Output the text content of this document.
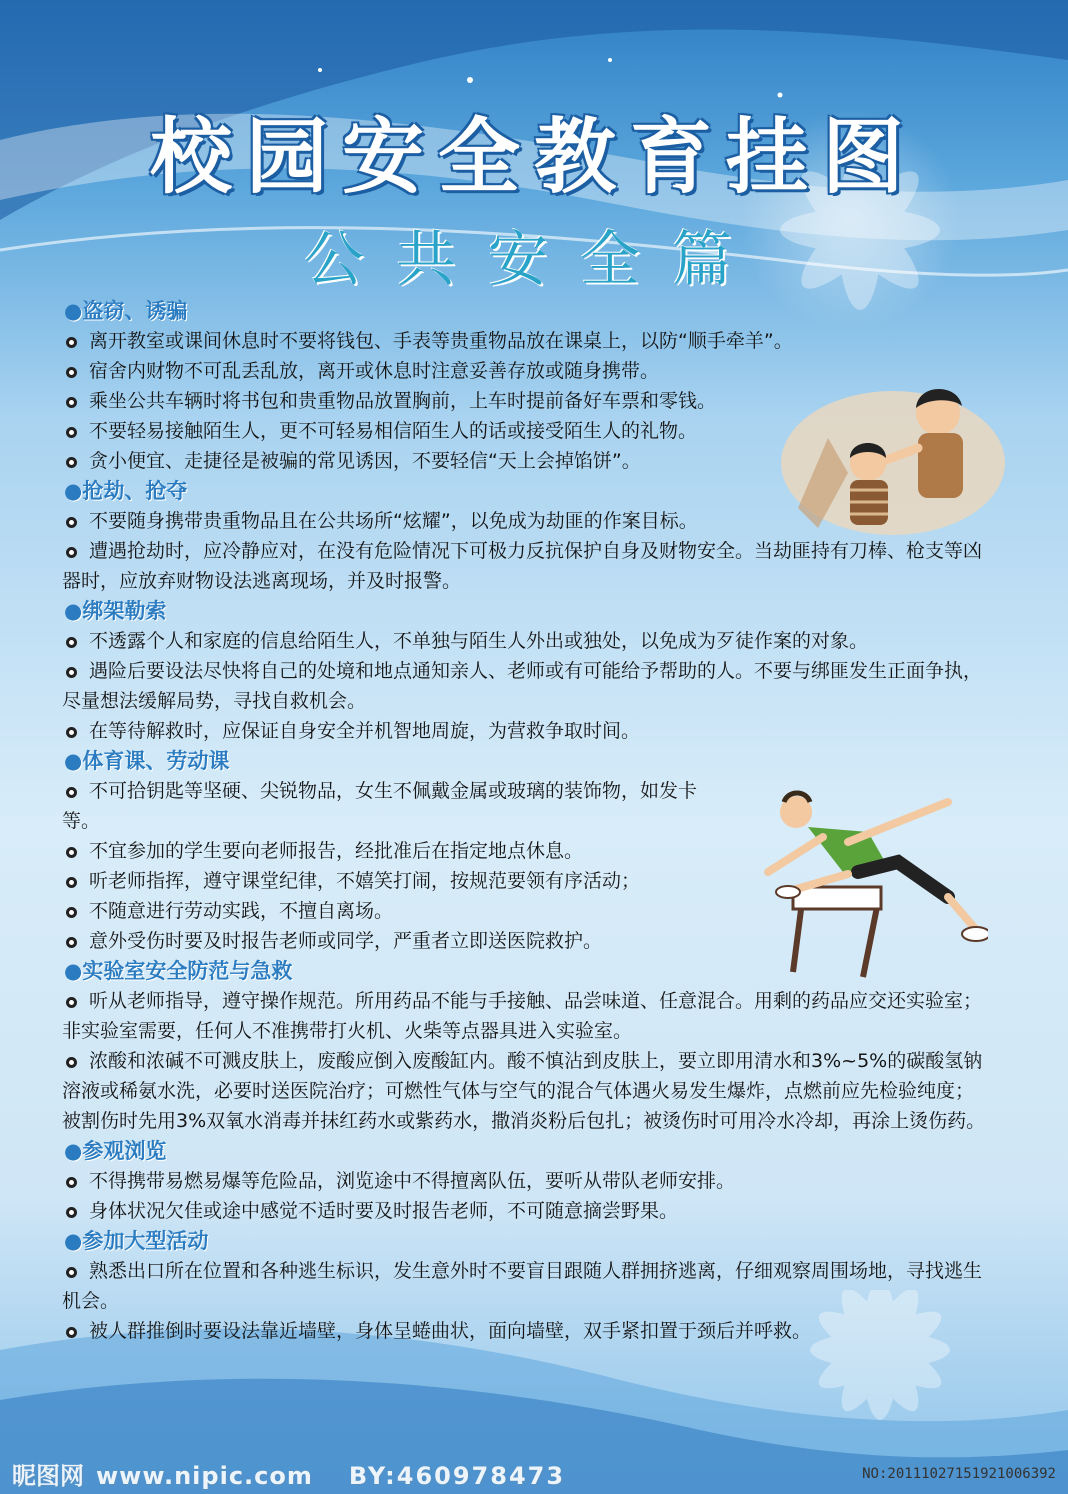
校园安全教育挂图
公共安全篇
●盗窃、诱骗
离开教室或课间休息时不要将钱包、手表等贵重物品放在课桌上，以防“顺手牵羊”。
宿舍内财物不可乱丢乱放，离开或休息时注意妥善存放或随身携带。
乘坐公共车辆时将书包和贵重物品放置胸前，上车时提前备好车票和零钱。
不要轻易接触陌生人，更不可轻易相信陌生人的话或接受陌生人的礼物。
贪小便宜、走捷径是被骗的常见诱因，不要轻信“天上会掉馅饼”。
●抢劫、抢夺
不要随身携带贵重物品且在公共场所“炫耀”，以免成为劫匪的作案目标。
遭遇抢劫时，应冷静应对，在没有危险情况下可极力反抗保护自身及财物安全。当劫匪持有刀棒、枪支等凶器时，应放弃财物设法逃离现场，并及时报警。
●绑架勒索
不透露个人和家庭的信息给陌生人，不单独与陌生人外出或独处，以免成为歹徒作案的对象。
遇险后要设法尽快将自己的处境和地点通知亲人、老师或有可能给予帮助的人。不要与绑匪发生正面争执，尽量想法缓解局势，寻找自救机会。
在等待解救时，应保证自身安全并机智地周旋，为营救争取时间。
●体育课、劳动课
不可拾钥匙等坚硬、尖锐物品，女生不佩戴金属或玻璃的装饰物，如发卡等。
不宜参加的学生要向老师报告，经批准后在指定地点休息。
听老师指挥，遵守课堂纪律，不嬉笑打闹，按规范要领有序活动；
不随意进行劳动实践，不擅自离场。
意外受伤时要及时报告老师或同学，严重者立即送医院救护。
●实验室安全防范与急救
听从老师指导，遵守操作规范。所用药品不能与手接触、品尝味道、任意混合。用剩的药品应交还实验室；非实验室需要，任何人不准携带打火机、火柴等点器具进入实验室。
浓酸和浓碱不可溅皮肤上，废酸应倒入废酸缸内。酸不慎沾到皮肤上，要立即用清水和3%~5%的碳酸氢钠溶液或稀氨水洗，必要时送医院治疗；可燃性气体与空气的混合气体遇火易发生爆炸，点燃前应先检验纯度；被割伤时先用3%双氧水消毒并抹红药水或紫药水，撒消炎粉后包扎；被烫伤时可用冷水冷却，再涂上烫伤药。
●参观浏览
不得携带易燃易爆等危险品，浏览途中不得擅离队伍，要听从带队老师安排。
身体状况欠佳或途中感觉不适时要及时报告老师，不可随意摘尝野果。
●参加大型活动
熟悉出口所在位置和各种逃生标识，发生意外时不要盲目跟随人群拥挤逃离，仔细观察周围场地，寻找逃生机会。
被人群推倒时要设法靠近墙壁，身体呈蜷曲状，面向墙壁，双手紧扣置于颈后并呼救。
昵图网 www.nipic.com BY:460978473	NO:20111027151921006392
